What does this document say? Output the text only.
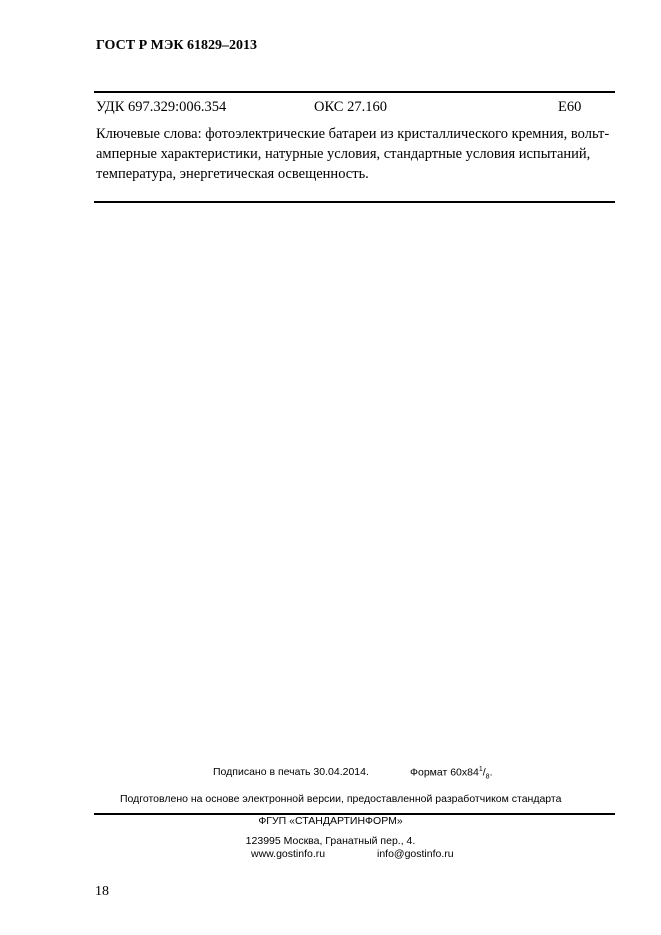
ГОСТ Р МЭК 61829–2013
УДК 697.329:006.354	ОКС 27.160	Е60
Ключевые слова: фотоэлектрические батареи из кристаллического кремния, вольт-амперные характеристики, натурные условия, стандартные условия испытаний, температура, энергетическая освещенность.
Подписано в печать 30.04.2014.	Формат $60х84^1/_8$.
Подготовлено на основе электронной версии, предоставленной разработчиком стандарта
ФГУП «СТАНДАРТИНФОРМ»
123995 Москва, Гранатный пер., 4.
www.gostinfo.ru	info@gostinfo.ru
18
